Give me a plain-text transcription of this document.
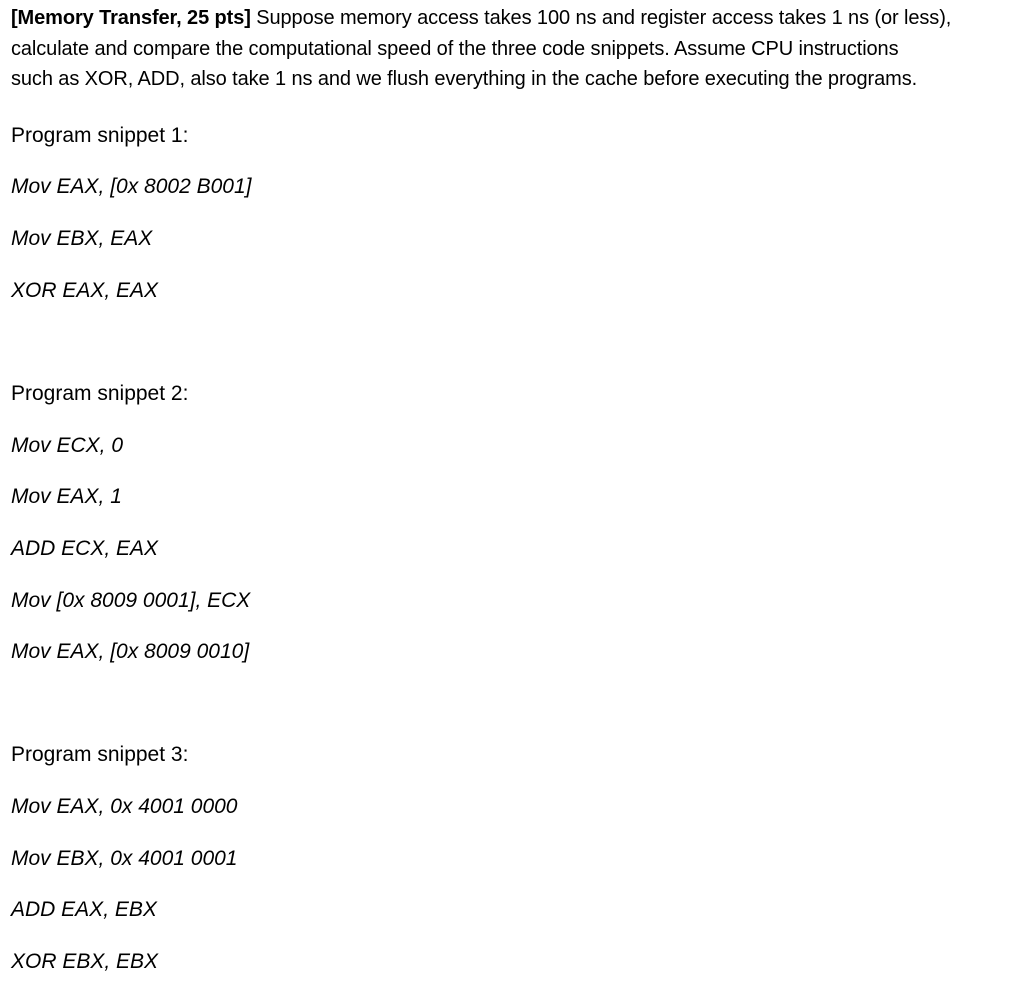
[Memory Transfer, 25 pts] Suppose memory access takes 100 ns and register access takes 1 ns (or less),
calculate and compare the computational speed of the three code snippets. Assume CPU instructions
such as XOR, ADD, also take 1 ns and we flush everything in the cache before executing the programs.

Program snippet 1:

Mov EAX, [0x 8002 B001]

Mov EBX, EAX

XOR EAX, EAX

Program snippet 2:

Mov ECX, 0

Mov EAX, 1

ADD ECX, EAX

Mov [0x 8009 0001], ECX

Mov EAX, [0x 8009 0010]

Program snippet 3:

Mov EAX, 0x 4001 0000

Mov EBX, 0x 4001 0001

ADD EAX, EBX

XOR EBX, EBX
